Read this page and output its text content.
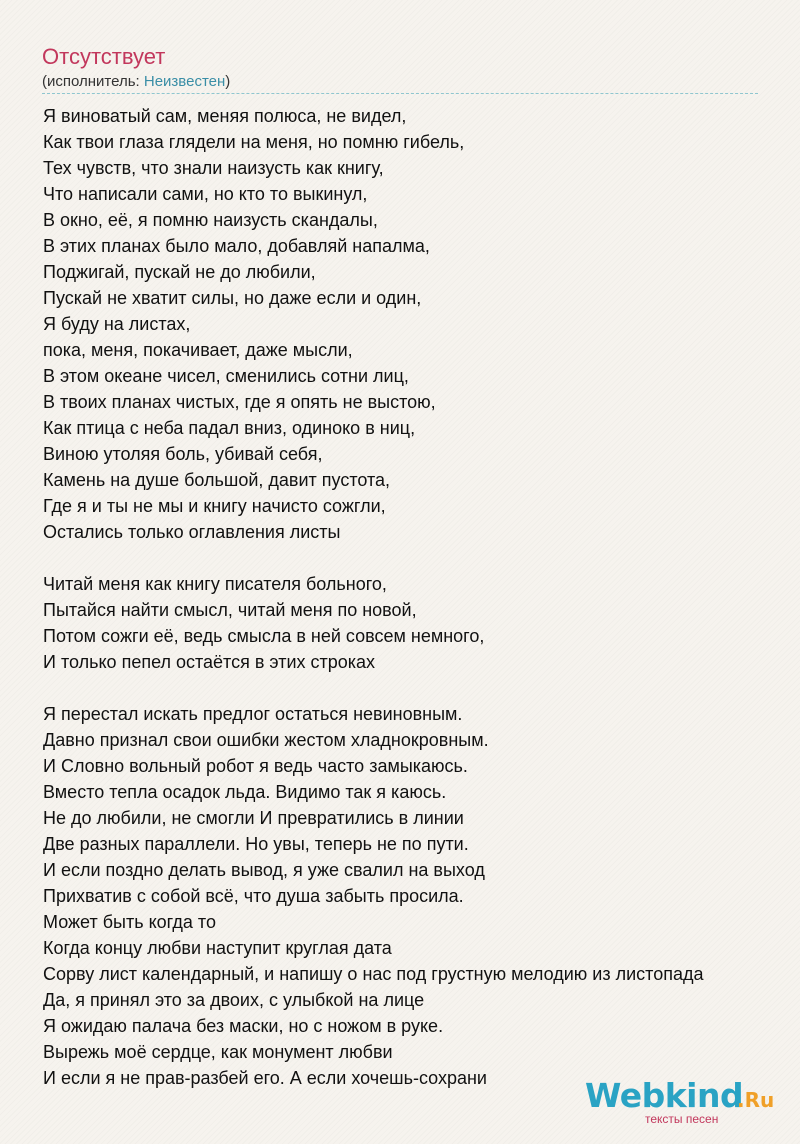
Отсутствует
(исполнитель: Неизвестен)
Я виноватый сам, меняя полюса, не видел,
Как твои глаза глядели на меня, но помню гибель,
Тех чувств, что знали наизусть как книгу,
Что написали сами, но кто то выкинул,
В окно, её, я помню наизусть скандалы,
В этих планах было мало, добавляй напалма,
Поджигай, пускай не до любили,
Пускай не хватит силы, но даже если и один,
Я буду на листах,
пока, меня, покачивает, даже мысли,
В этом океане чисел, сменились сотни лиц,
В твоих планах чистых, где я опять не выстою,
Как птица с неба падал вниз, одиноко в ниц,
Виною утоляя боль, убивай себя,
Камень на душе большой, давит пустота,
Где я и ты не мы и книгу начисто сожгли,
Остались только оглавления листы
Читай меня как книгу писателя больного,
Пытайся найти смысл, читай меня по новой,
Потом сожги её, ведь смысла в ней совсем немного,
И только пепел остаётся в этих строках
Я перестал искать предлог остаться невиновным.
Давно признал свои ошибки жестом хладнокровным.
И Словно вольный робот я ведь часто замыкаюсь.
Вместо тепла осадок льда. Видимо так я каюсь.
Не до любили, не смогли И превратились в линии
Две разных параллели. Но увы, теперь не по пути.
И если поздно делать вывод, я уже свалил на выход
Прихватив с собой всё, что душа забыть просила.
Может быть когда то
Когда концу любви наступит круглая дата
Сорву лист календарный, и напишу о нас под грустную мелодию из листопада
Да, я принял это за двоих, с улыбкой на лице
Я ожидаю палача без маски, но с ножом в руке.
Вырежь моё сердце, как монумент любви
И если я не прав-разбей его. А если хочешь-сохрани	Webkind
.Ru
тексты песен
